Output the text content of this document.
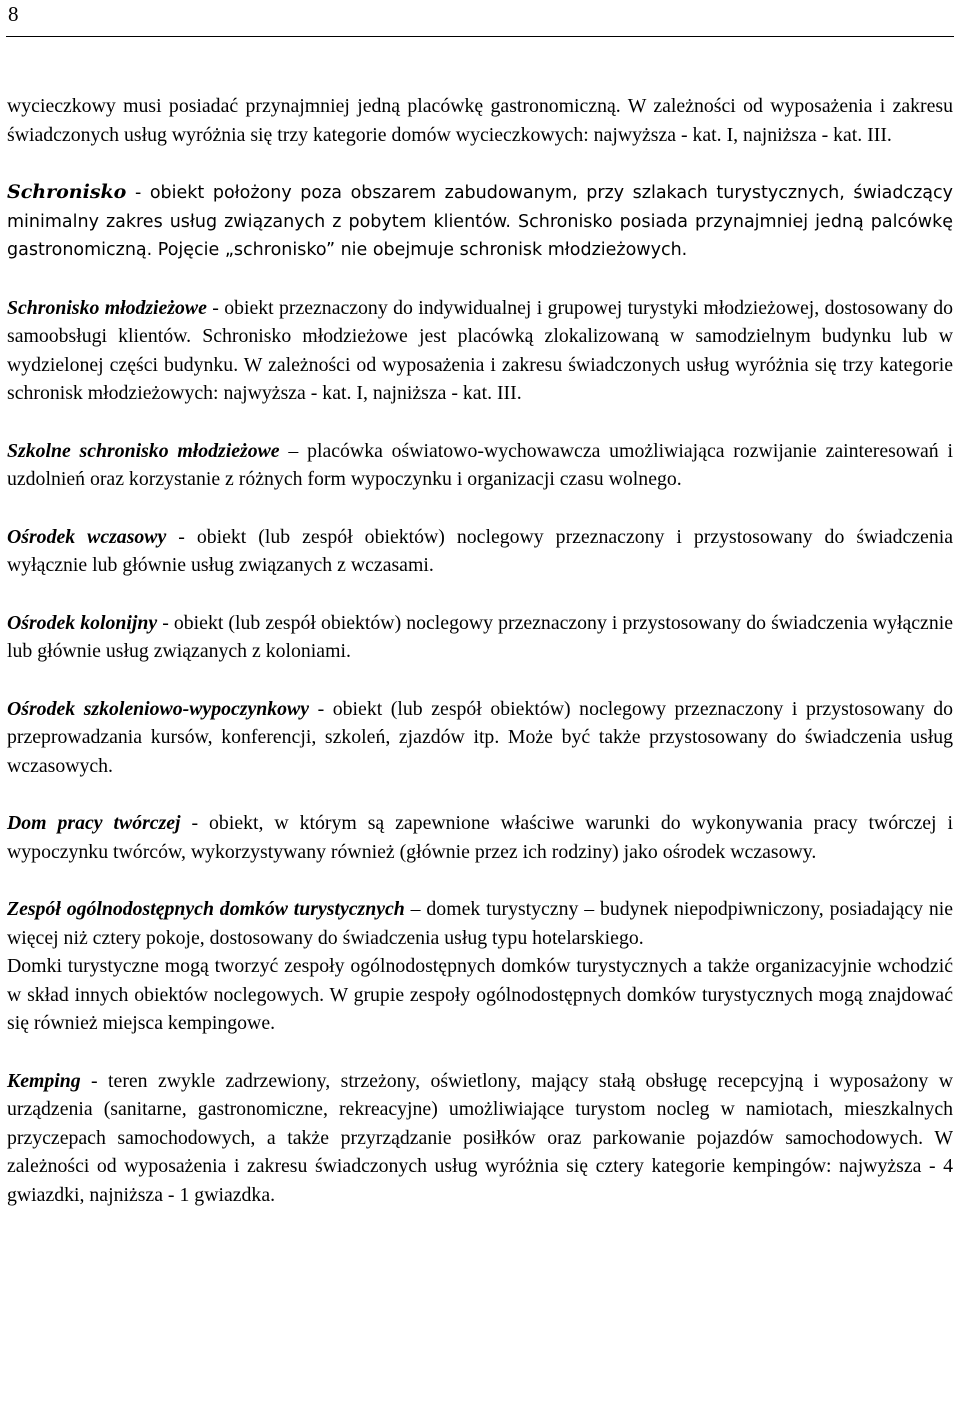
8

wycieczkowy musi posiadać przynajmniej jedną placówkę gastronomiczną. W zależności od wyposażenia i zakresu świadczonych usług wyróżnia się trzy kategorie domów wycieczkowych: najwyższa - kat. I, najniższa - kat. III.

Schronisko - obiekt położony poza obszarem zabudowanym, przy szlakach turystycznych, świadczący minimalny zakres usług związanych z pobytem klientów. Schronisko posiada przynajmniej jedną palcówkę gastronomiczną. Pojęcie „schronisko” nie obejmuje schronisk młodzieżowych.

Schronisko młodzieżowe - obiekt przeznaczony do indywidualnej i grupowej turystyki młodzieżowej, dostosowany do samoobsługi klientów. Schronisko młodzieżowe jest placówką zlokalizowaną w samodzielnym budynku lub w wydzielonej części budynku. W zależności od wyposażenia i zakresu świadczonych usług wyróżnia się trzy kategorie schronisk młodzieżowych: najwyższa - kat. I, najniższa - kat. III.

Szkolne schronisko młodzieżowe – placówka oświatowo-wychowawcza umożliwiająca rozwijanie zainteresowań i uzdolnień oraz korzystanie z różnych form wypoczynku i organizacji czasu wolnego.

Ośrodek wczasowy - obiekt (lub zespół obiektów) noclegowy przeznaczony i przystosowany do świadczenia wyłącznie lub głównie usług związanych z wczasami.

Ośrodek kolonijny - obiekt (lub zespół obiektów) noclegowy przeznaczony i przystosowany do świadczenia wyłącznie lub głównie usług związanych z koloniami.

Ośrodek szkoleniowo-wypoczynkowy - obiekt (lub zespół obiektów) noclegowy przeznaczony i przystosowany do przeprowadzania kursów, konferencji, szkoleń, zjazdów itp. Może być także przystosowany do świadczenia usług wczasowych.

Dom pracy twórczej - obiekt, w którym są zapewnione właściwe warunki do wykonywania pracy twórczej i wypoczynku twórców, wykorzystywany również (głównie przez ich rodziny) jako ośrodek wczasowy.

Zespół ogólnodostępnych domków turystycznych – domek turystyczny – budynek niepodpiwniczony, posiadający nie więcej niż cztery pokoje, dostosowany do świadczenia usług typu hotelarskiego.

Domki turystyczne mogą tworzyć zespoły ogólnodostępnych domków turystycznych a także organizacyjnie wchodzić w skład innych obiektów noclegowych. W grupie zespoły ogólnodostępnych domków turystycznych mogą znajdować się również miejsca kempingowe.

Kemping - teren zwykle zadrzewiony, strzeżony, oświetlony, mający stałą obsługę recepcyjną i wyposażony w urządzenia (sanitarne, gastronomiczne, rekreacyjne) umożliwiające turystom nocleg w namiotach, mieszkalnych przyczepach samochodowych, a także przyrządzanie posiłków oraz parkowanie pojazdów samochodowych. W zależności od wyposażenia i zakresu świadczonych usług wyróżnia się cztery kategorie kempingów: najwyższa - 4 gwiazdki, najniższa - 1 gwiazdka.
